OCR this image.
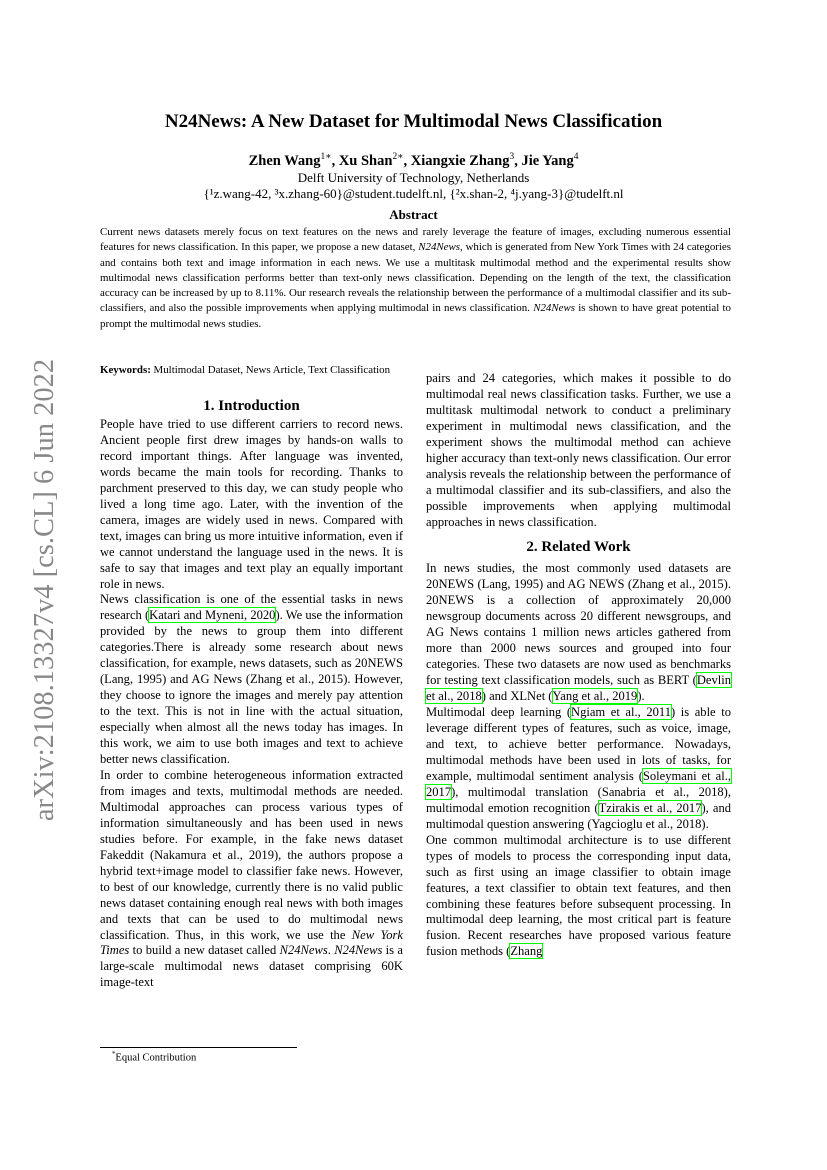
arXiv:2108.13327v4 [cs.CL] 6 Jun 2022
N24News: A New Dataset for Multimodal News Classification
Zhen Wang$^{1∗}$, Xu Shan$^{2∗}$, Xiangxie Zhang$^3$, Jie Yang$^4$
Delft University of Technology, Netherlands
{¹z.wang-42, ³x.zhang-60}@student.tudelft.nl, {²x.shan-2, ⁴j.yang-3}@tudelft.nl
Abstract
Current news datasets merely focus on text features on the news and rarely leverage the feature of images, excluding numerous essential features for news classification. In this paper, we propose a new dataset, N24News, which is generated from New York Times with 24 categories and contains both text and image information in each news. We use a multitask multimodal method and the experimental results show multimodal news classification performs better than text-only news classification. Depending on the length of the text, the classification accuracy can be increased by up to 8.11%. Our research reveals the relationship between the performance of a multimodal classifier and its sub-classifiers, and also the possible improvements when applying multimodal in news classification. N24News is shown to have great potential to prompt the multimodal news studies.
Keywords: Multimodal Dataset, News Article, Text Classification
1. Introduction

People have tried to use different carriers to record news. Ancient people first drew images by hands-on walls to record important things. After language was invented, words became the main tools for recording. Thanks to parchment preserved to this day, we can study people who lived a long time ago. Later, with the invention of the camera, images are widely used in news. Compared with text, images can bring us more intuitive information, even if we cannot understand the language used in the news. It is safe to say that images and text play an equally important role in news.

News classification is one of the essential tasks in news research (Katari and Myneni, 2020). We use the information provided by the news to group them into different categories.There is already some research about news classification, for example, news datasets, such as 20NEWS (Lang, 1995) and AG News (Zhang et al., 2015). However, they choose to ignore the images and merely pay attention to the text. This is not in line with the actual situation, especially when almost all the news today has images. In this work, we aim to use both images and text to achieve better news classification.

In order to combine heterogeneous information extracted from images and texts, multimodal methods are needed. Multimodal approaches can process various types of information simultaneously and has been used in news studies before. For example, in the fake news dataset Fakeddit (Nakamura et al., 2019), the authors propose a hybrid text+image model to classifier fake news. However, to best of our knowledge, currently there is no valid public news dataset containing enough real news with both images and texts that can be used to do multimodal news classification. Thus, in this work, we use the New York Times to build a new dataset called N24News. N24News is a large-scale multimodal news dataset comprising 60K image-text

pairs and 24 categories, which makes it possible to do multimodal real news classification tasks. Further, we use a multitask multimodal network to conduct a preliminary experiment in multimodal news classification, and the experiment shows the multimodal method can achieve higher accuracy than text-only news classification. Our error analysis reveals the relationship between the performance of a multimodal classifier and its sub-classifiers, and also the possible improvements when applying multimodal approaches in news classification.

2. Related Work

In news studies, the most commonly used datasets are 20NEWS (Lang, 1995) and AG NEWS (Zhang et al., 2015). 20NEWS is a collection of approximately 20,000 newsgroup documents across 20 different newsgroups, and AG News contains 1 million news articles gathered from more than 2000 news sources and grouped into four categories. These two datasets are now used as benchmarks for testing text classification models, such as BERT (Devlin et al., 2018) and XLNet (Yang et al., 2019).

Multimodal deep learning (Ngiam et al., 2011) is able to leverage different types of features, such as voice, image, and text, to achieve better performance. Nowadays, multimodal methods have been used in lots of tasks, for example, multimodal sentiment analysis (Soleymani et al., 2017), multimodal translation (Sanabria et al., 2018), multimodal emotion recognition (Tzirakis et al., 2017), and multimodal question answering (Yagcioglu et al., 2018).

One common multimodal architecture is to use different types of models to process the corresponding input data, such as first using an image classifier to obtain image features, a text classifier to obtain text features, and then combining these features before subsequent processing. In multimodal deep learning, the most critical part is feature fusion. Recent researches have proposed various feature fusion methods (Zhang

*Equal Contribution
